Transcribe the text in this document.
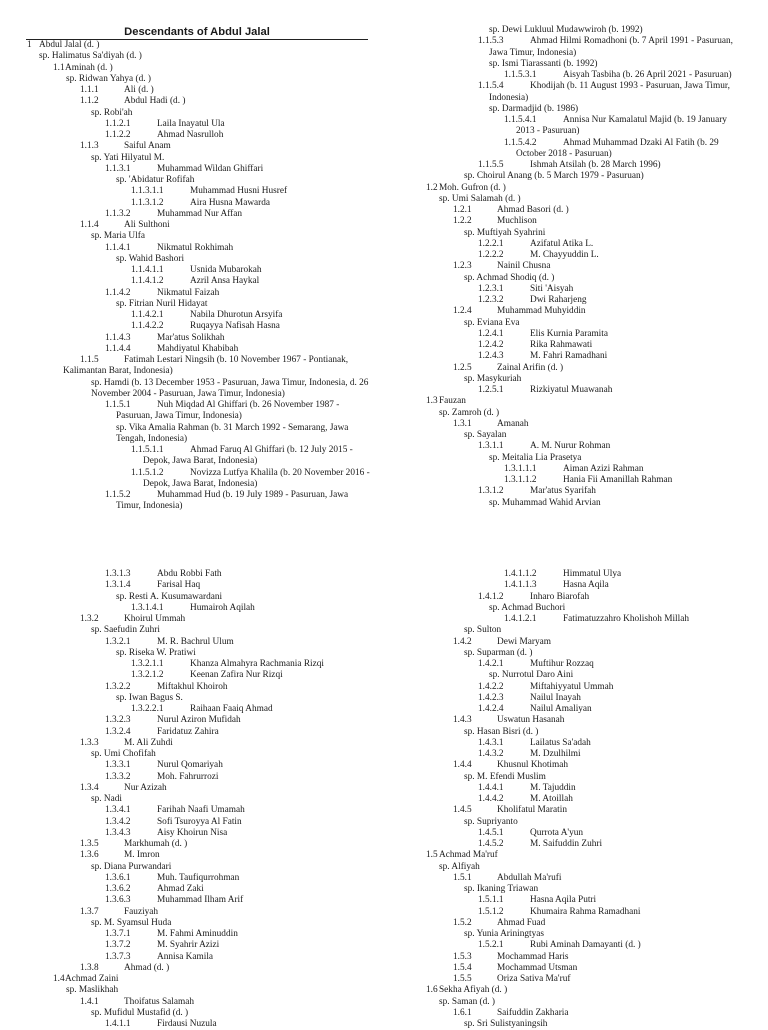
Descendants of Abdul Jalal
1 Abdul Jalal (d. )
sp. Halimatus Sa'diyah (d. )
1.1 Aminah (d. )
sp. Ridwan Yahya (d. )
1.1.1	Ali (d. )
1.1.2	Abdul Hadi (d. )
sp. Robi'ah
1.1.2.1	Laila Inayatul Ula
1.1.2.2	Ahmad Nasrulloh
1.1.3	Saiful Anam
sp. Yati Hilyatul M.
1.1.3.1	Muhammad Wildan Ghiffari
sp. 'Abidatur Rofifah
1.1.3.1.1	Muhammad Husni Husref
1.1.3.1.2	Aira Husna Mawarda
1.1.3.2	Muhammad Nur Affan
1.1.4	Ali Sulthoni
sp. Maria Ulfa
1.1.4.1	Nikmatul Rokhimah
sp. Wahid Bashori
1.1.4.1.1	Usnida Mubarokah
1.1.4.1.2	Azril Ansa Haykal
1.1.4.2	Nikmatul Faizah
sp. Fitrian Nuril Hidayat
1.1.4.2.1	Nabila Dhurotun Arsyifa
1.1.4.2.2	Ruqayya Nafisah Hasna
1.1.4.3	Mar'atus Solikhah
1.1.4.4	Mahdiyatul Khabibah
1.1.5	Fatimah Lestari Ningsih (b. 10 November 1967 - Pontianak,
Kalimantan Barat, Indonesia)
sp. Hamdi (b. 13 December 1953 - Pasuruan, Jawa Timur, Indonesia, d. 26
November 2004 - Pasuruan, Jawa Timur, Indonesia)
1.1.5.1	Nuh Miqdad Al Ghiffari (b. 26 November 1987 -
Pasuruan, Jawa Timur, Indonesia)
sp. Vika Amalia Rahman (b. 31 March 1992 - Semarang, Jawa
Tengah, Indonesia)
1.1.5.1.1	Ahmad Faruq Al Ghiffari (b. 12 July 2015 -
Depok, Jawa Barat, Indonesia)
1.1.5.1.2	Novizza Lutfya Khalila (b. 20 November 2016 -
Depok, Jawa Barat, Indonesia)
1.1.5.2	Muhammad Hud (b. 19 July 1989 - Pasuruan, Jawa
Timur, Indonesia)
sp. Dewi Lukluul Mudawwiroh (b. 1992)
1.1.5.3	Ahmad Hilmi Romadhoni (b. 7 April 1991 - Pasuruan,
Jawa Timur, Indonesia)
sp. Ismi Tiarassanti (b. 1992)
1.1.5.3.1	Aisyah Tasbiha (b. 26 April 2021 - Pasuruan)
1.1.5.4	Khodijah (b. 11 August 1993 - Pasuruan, Jawa Timur,
Indonesia)
sp. Darmadjid (b. 1986)
1.1.5.4.1	Annisa Nur Kamalatul Majid (b. 19 January
2013 - Pasuruan)
1.1.5.4.2	Ahmad Muhammad Dzaki Al Fatih (b. 29
October 2018 - Pasuruan)
1.1.5.5	Ishmah Atsilah (b. 28 March 1996)
sp. Choirul Anang (b. 5 March 1979 - Pasuruan)
1.2 Moh. Gufron (d. )
sp. Umi Salamah (d. )
1.2.1	Ahmad Basori (d. )
1.2.2	Muchlison
sp. Muftiyah Syahrini
1.2.2.1	Azifatul Atika L.
1.2.2.2	M. Chayyuddin L.
1.2.3	Nainil Chusna
sp. Achmad Shodiq (d. )
1.2.3.1	Siti 'Aisyah
1.2.3.2	Dwi Raharjeng
1.2.4	Muhammad Muhyiddin
sp. Eviana Eva
1.2.4.1	Elis Kurnia Paramita
1.2.4.2	Rika Rahmawati
1.2.4.3	M. Fahri Ramadhani
1.2.5	Zainal Arifin (d. )
sp. Masykuriah
1.2.5.1	Rizkiyatul Muawanah
1.3 Fauzan
sp. Zamroh (d. )
1.3.1	Amanah
sp. Sayalan
1.3.1.1	A. M. Nurur Rohman
sp. Meitalia Lia Prasetya
1.3.1.1.1	Aiman Azizi Rahman
1.3.1.1.2	Hania Fii Amanillah Rahman
1.3.1.2	Mar'atus Syarifah
sp. Muhammad Wahid Arvian
1.3.1.3	Abdu Robbi Fath
1.3.1.4	Farisal Haq
sp. Resti A. Kusumawardani
1.3.1.4.1	Humairoh Aqilah
1.3.2	Khoirul Ummah
sp. Saefudin Zuhri
1.3.2.1	M. R. Bachrul Ulum
sp. Riseka W. Pratiwi
1.3.2.1.1	Khanza Almahyra Rachmania Rizqi
1.3.2.1.2	Keenan Zafira Nur Rizqi
1.3.2.2	Miftakhul Khoiroh
sp. Iwan Bagus S.
1.3.2.2.1	Raihaan Faaiq Ahmad
1.3.2.3	Nurul Aziron Mufidah
1.3.2.4	Faridatuz Zahira
1.3.3	M. Ali Zuhdi
sp. Umi Chofifah
1.3.3.1	Nurul Qomariyah
1.3.3.2	Moh. Fahrurrozi
1.3.4	Nur Azizah
sp. Nadi
1.3.4.1	Farihah Naafi Umamah
1.3.4.2	Sofi Tsuroyya Al Fatin
1.3.4.3	Aisy Khoirun Nisa
1.3.5	Markhumah (d. )
1.3.6	M. Imron
sp. Diana Purwandari
1.3.6.1	Muh. Taufiqurrohman
1.3.6.2	Ahmad Zaki
1.3.6.3	Muhammad Ilham Arif
1.3.7	Fauziyah
sp. M. Syamsul Huda
1.3.7.1	M. Fahmi Aminuddin
1.3.7.2	M. Syahrir Azizi
1.3.7.3	Annisa Kamila
1.3.8	Ahmad (d. )
1.4 Achmad Zaini
sp. Maslikhah
1.4.1	Thoifatus Salamah
sp. Mufidul Mustafid (d. )
1.4.1.1	Firdausi Nuzula
1.4.1.1.2	Himmatul Ulya
1.4.1.1.3	Hasna Aqila
1.4.1.2	Inharo Biarofah
sp. Achmad Buchori
1.4.1.2.1	Fatimatuzzahro Kholishoh Millah
sp. Sulton
1.4.2	Dewi Maryam
sp. Suparman (d. )
1.4.2.1	Muftihur Rozzaq
sp. Nurrotul Daro Aini
1.4.2.2	Miftahiyyatul Ummah
1.4.2.3	Nailul Inayah
1.4.2.4	Nailul Amaliyan
1.4.3	Uswatun Hasanah
sp. Hasan Bisri (d. )
1.4.3.1	Lailatus Sa'adah
1.4.3.2	M. Dzulhilmi
1.4.4	Khusnul Khotimah
sp. M. Efendi Muslim
1.4.4.1	M. Tajuddin
1.4.4.2	M. Atoillah
1.4.5	Kholifatul Maratin
sp. Supriyanto
1.4.5.1	Qurrota A'yun
1.4.5.2	M. Saifuddin Zuhri
1.5 Achmad Ma'ruf
sp. Alfiyah
1.5.1	Abdullah Ma'rufi
sp. Ikaning Triawan
1.5.1.1	Hasna Aqila Putri
1.5.1.2	Khumaira Rahma Ramadhani
1.5.2	Ahmad Fuad
sp. Yunia Ariningtyas
1.5.2.1	Rubi Aminah Damayanti (d. )
1.5.3	Mochammad Haris
1.5.4	Mochammad Utsman
1.5.5	Oriza Sativa Ma'ruf
1.6 Sekha Afiyah (d. )
sp. Saman (d. )
1.6.1	Saifuddin Zakharia
sp. Sri Sulistyaningsih
